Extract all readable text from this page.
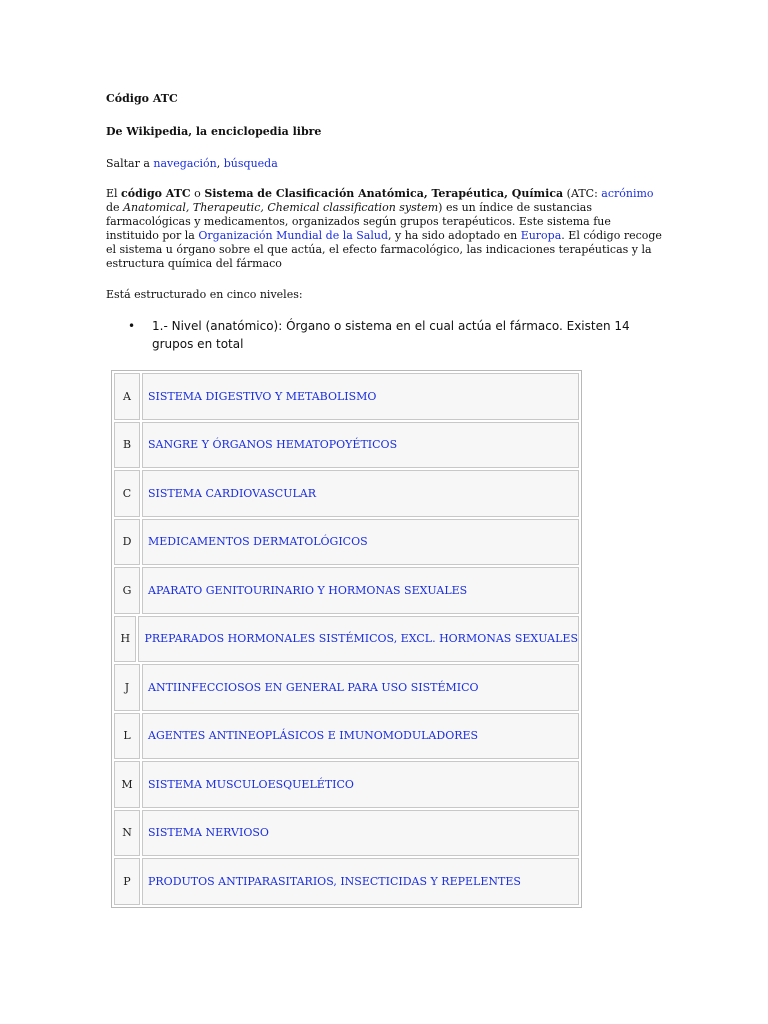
Código ATC
De Wikipedia, la enciclopedia libre
Saltar a navegación, búsqueda
El código ATC o Sistema de Clasificación Anatómica, Terapéutica, Química (ATC: acrónimo de Anatomical, Therapeutic, Chemical classification system) es un índice de sustancias farmacológicas y medicamentos, organizados según grupos terapéuticos. Este sistema fue instituido por la Organización Mundial de la Salud, y ha sido adoptado en Europa. El código recoge el sistema u órgano sobre el que actúa, el efecto farmacológico, las indicaciones terapéuticas y la estructura química del fármaco
Está estructurado en cinco niveles:
• 1.- Nivel (anatómico): Órgano o sistema en el cual actúa el fármaco. Existen 14 grupos en total
A	SISTEMA DIGESTIVO Y METABOLISMO
B	SANGRE Y ÓRGANOS HEMATOPOYÉTICOS
C	SISTEMA CARDIOVASCULAR
D	MEDICAMENTOS DERMATOLÓGICOS
G	APARATO GENITOURINARIO Y HORMONAS SEXUALES
H	PREPARADOS HORMONALES SISTÉMICOS, EXCL. HORMONAS SEXUALES
J	ANTIINFECCIOSOS EN GENERAL PARA USO SISTÉMICO
L	AGENTES ANTINEOPLÁSICOS E IMUNOMODULADORES
M	SISTEMA MUSCULOESQUELÉTICO
N	SISTEMA NERVIOSO
P	PRODUTOS ANTIPARASITARIOS, INSECTICIDAS Y REPELENTES
